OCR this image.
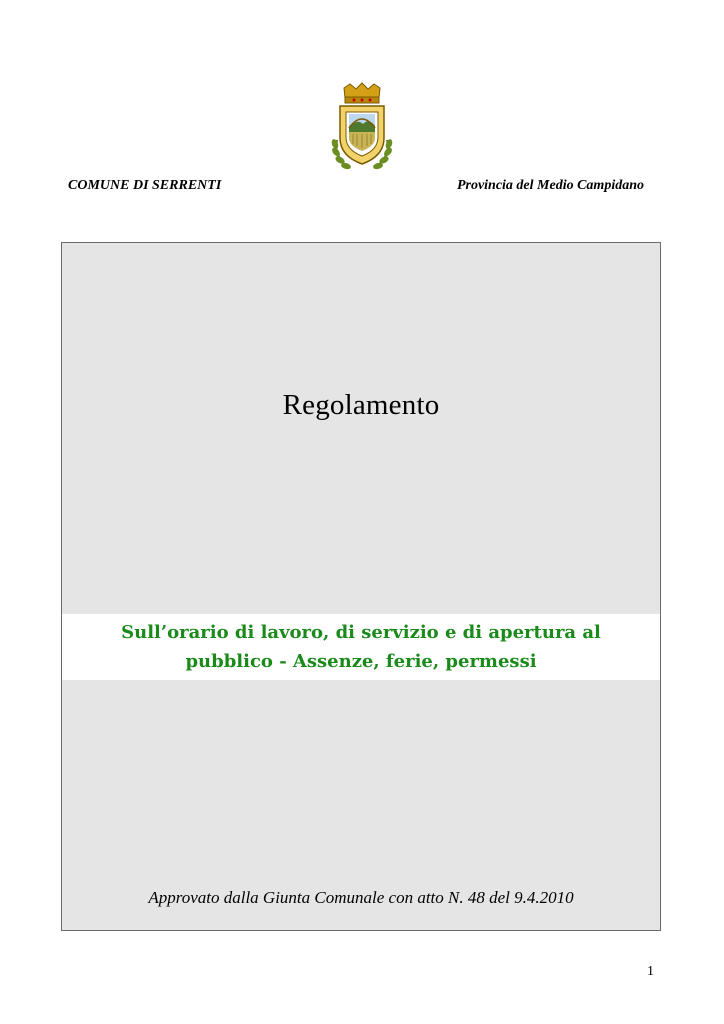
COMUNE DI SERRENTI	Provincia del Medio Campidano
Regolamento
Sull’orario di lavoro, di servizio e di apertura al pubblico - Assenze, ferie, permessi
Approvato dalla Giunta Comunale con atto N. 48 del 9.4.2010
1
